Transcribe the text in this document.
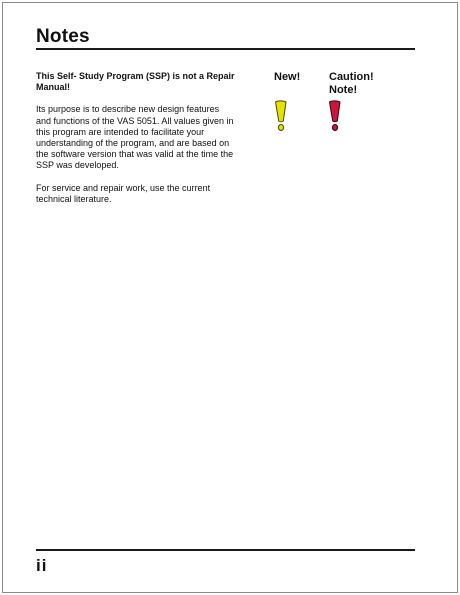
Notes

This Self- Study Program (SSP) is not a Repair Manual!

Its purpose is to describe new design features and functions of the VAS 5051. All values given in this program are intended to facilitate your understanding of the program, and are based on the software version that was valid at the time the SSP was developed.

For service and repair work, use the current technical literature.

New!	Caution!
Note!
ii
